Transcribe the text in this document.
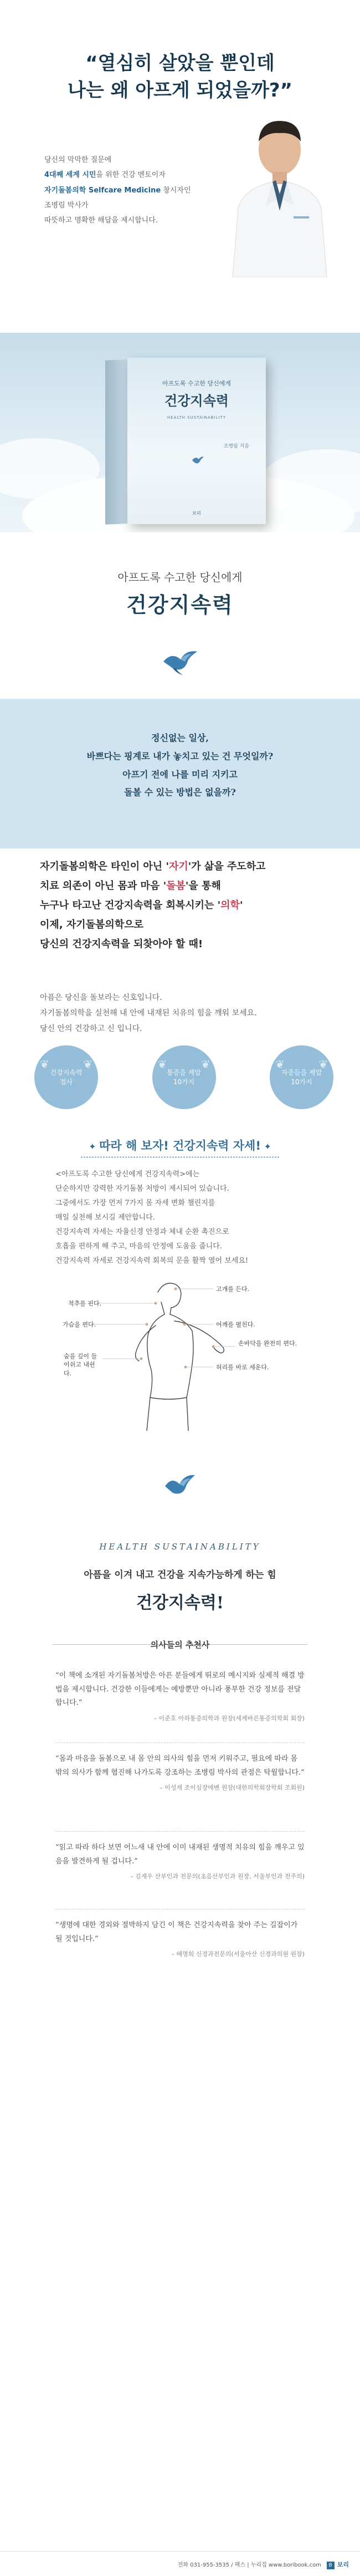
“열심히 살았을 뿐인데
나는 왜 아프게 되었을까?”
당신의 막막한 질문에
4대째 세계 시민을 위한 건강 멘토이자
자기돌봄의학 Selfcare Medicine 창시자인
조병림 박사가
따뜻하고 명확한 해답을 제시합니다.
아프도록 수고한 당신에게
건강지속력
HEALTH SUSTAINABILITY
조병림 지음
보리
아프도록 수고한 당신에게
건강지속력
정신없는 일상,
바쁘다는 핑계로 내가 놓치고 있는 건 무엇일까?
아프기 전에 나를 미리 지키고
돌볼 수 있는 방법은 없을까?
자기돌봄의학은 타인이 아닌 '자기'가 삶을 주도하고
치료 의존이 아닌 몸과 마음 '돌봄'을 통해
누구나 타고난 건강지속력을 회복시키는 '의학'
이제, 자기돌봄의학으로
당신의 건강지속력을 되찾아야 할 때!
아픔은 당신을 돌보라는 신호입니다.
자기돌봄의학을 실천해 내 안에 내재된 치유의 힘을 깨워 보세요.
당신 안의 건강하고 신 입니다.
❦	❦
건강지속력
접사
❦	❦
통증을 제압
10가지
❦	❦
자증들을 제압
10가지
✦ 따라 해 보자! 건강지속력 자세! ✦
<아프도록 수고한 당신에게 건강지속력>에는
단순하지만 강력한 자기돌봄 처방이 제시되어 있습니다.
그중에서도 가장 먼저 7가지 몸 자세 변화 챌린지를
매일 실천해 보시길 제안합니다.
건강지속력 자세는 자율신경 안정과 체내 순환 촉진으로
호흡을 편하게 해 주고, 마음의 안정에 도움을 줍니다.
건강지속력 자세로 건강지속력 회복의 문을 활짝 열어 보세요!
고개를 든다.
척추를 핀다.
어깨를 펼친다.
가슴을 편다.
손바닥을 완전히 편다.
숨을 깊이 들이쉬고 내쉰다.
허리를 바로 세운다.
HEALTH SUSTAINABILITY
아픔을 이겨 내고 건강을 지속가능하게 하는 힘
건강지속력!
의사들의 추천사
“이 책에 소개된 자기돌봄처방은 아픈 분들에게 뛰로의 메시지와 실제적 해결 방법을 제시합니다. 건강한 이들에게는 예방뿐만 아니라 풍부한 건강 정보를 전달합니다.”
– 이준호 아하통증의학과 원장(세계바른통증의학회 회장)
“몸과 마음을 돌봄으로 내 몸 안의 의사의 힘을 먼저 키워주고, 필요에 따라 몸 밖의 의사가 함께 협진해 나가도록 강조하는 조병림 박사의 관점은 탁월합니다.”
– 이성재 조이심장에벤 원장(대한의학회장학회 조회원)
“읽고 따라 하다 보면 어느새 내 안에 이미 내재된 생명적 치유의 힘을 깨우고 있음을 발견하게 될 겁니다.”
– 김재우 산부인과 전문의(초음산부인과 원장, 서울부인과 전주의)
“생명에 대한 경외와 절박하지 담긴 이 책은 건강지속력을 찾아 주는 길잡이가 될 것입니다.”
– 배명희 신경과전문의(서울아산 신경과의원 원장)
전화 031-955-3535 / 팩스 | 누리집 www.boribook.com	B 보리
